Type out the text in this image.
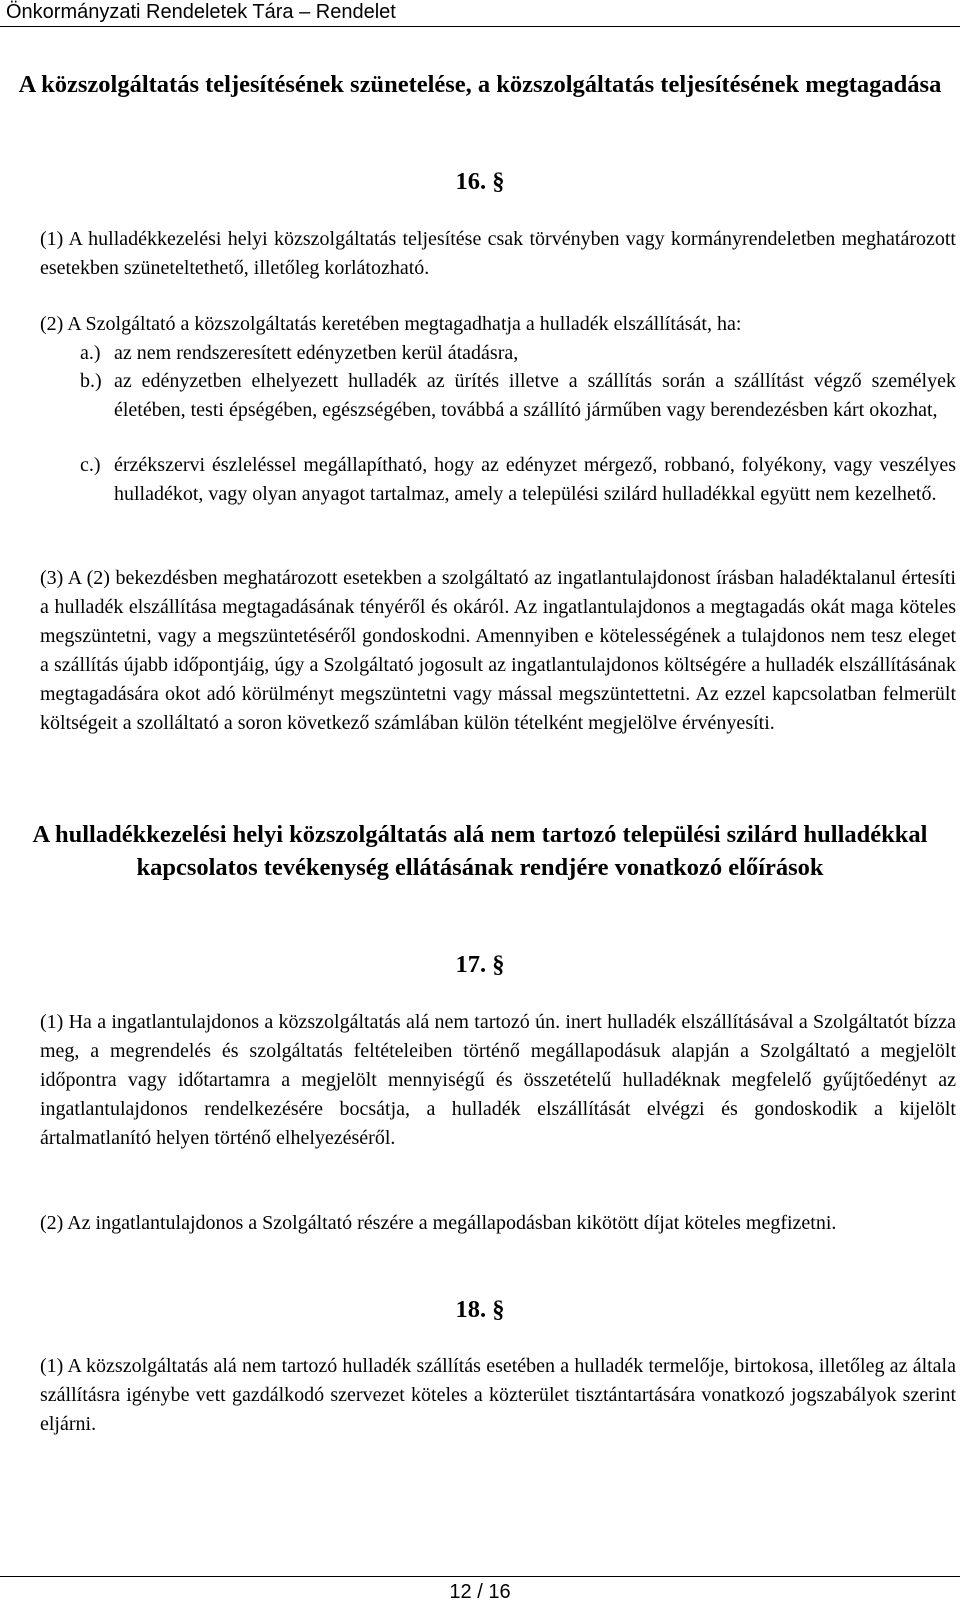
Önkormányzati Rendeletek Tára – Rendelet
A közszolgáltatás teljesítésének szünetelése, a közszolgáltatás teljesítésének megtagadása
16. §
(1) A hulladékkezelési helyi közszolgáltatás teljesítése csak törvényben vagy kormányrendeletben meghatározott esetekben szüneteltethető, illetőleg korlátozható.
(2) A Szolgáltató a közszolgáltatás keretében megtagadhatja a hulladék elszállítását, ha:
a.) az nem rendszeresített edényzetben kerül átadásra,
b.) az edényzetben elhelyezett hulladék az ürítés illetve a szállítás során a szállítást végző személyek életében, testi épségében, egészségében, továbbá a szállító járműben vagy berendezésben kárt okozhat,
c.) érzékszervi észleléssel megállapítható, hogy az edényzet mérgező, robbanó, folyékony, vagy veszélyes hulladékot, vagy olyan anyagot tartalmaz, amely a települési szilárd hulladékkal együtt nem kezelhető.
(3) A (2) bekezdésben meghatározott esetekben a szolgáltató az ingatlantulajdonost írásban haladéktalanul értesíti a hulladék elszállítása megtagadásának tényéről és okáról. Az ingatlantulajdonos a megtagadás okát maga köteles megszüntetni, vagy a megszüntetéséről gondoskodni. Amennyiben e kötelességének a tulajdonos nem tesz eleget a szállítás újabb időpontjáig, úgy a Szolgáltató jogosult az ingatlantulajdonos költségére a hulladék elszállításának megtagadására okot adó körülményt megszüntetni vagy mással megszüntettetni. Az ezzel kapcsolatban felmerült költségeit a szolláltató a soron következő számlában külön tételként megjelölve érvényesíti.
A hulladékkezelési helyi közszolgáltatás alá nem tartozó települési szilárd hulladékkal kapcsolatos tevékenység ellátásának rendjére vonatkozó előírások
17. §
(1) Ha a ingatlantulajdonos a közszolgáltatás alá nem tartozó ún. inert hulladék elszállításával a Szolgáltatót bízza meg, a megrendelés és szolgáltatás feltételeiben történő megállapodásuk alapján a Szolgáltató a megjelölt időpontra vagy időtartamra a megjelölt mennyiségű és összetételű hulladéknak megfelelő gyűjtőedényt az ingatlantulajdonos rendelkezésére bocsátja, a hulladék elszállítását elvégzi és gondoskodik a kijelölt ártalmatlanító helyen történő elhelyezéséről.
(2) Az ingatlantulajdonos a Szolgáltató részére a megállapodásban kikötött díjat köteles megfizetni.
18. §
(1) A közszolgáltatás alá nem tartozó hulladék szállítás esetében a hulladék termelője, birtokosa, illetőleg az általa szállításra igénybe vett gazdálkodó szervezet köteles a közterület tisztántartására vonatkozó jogszabályok szerint eljárni.
12 / 16
